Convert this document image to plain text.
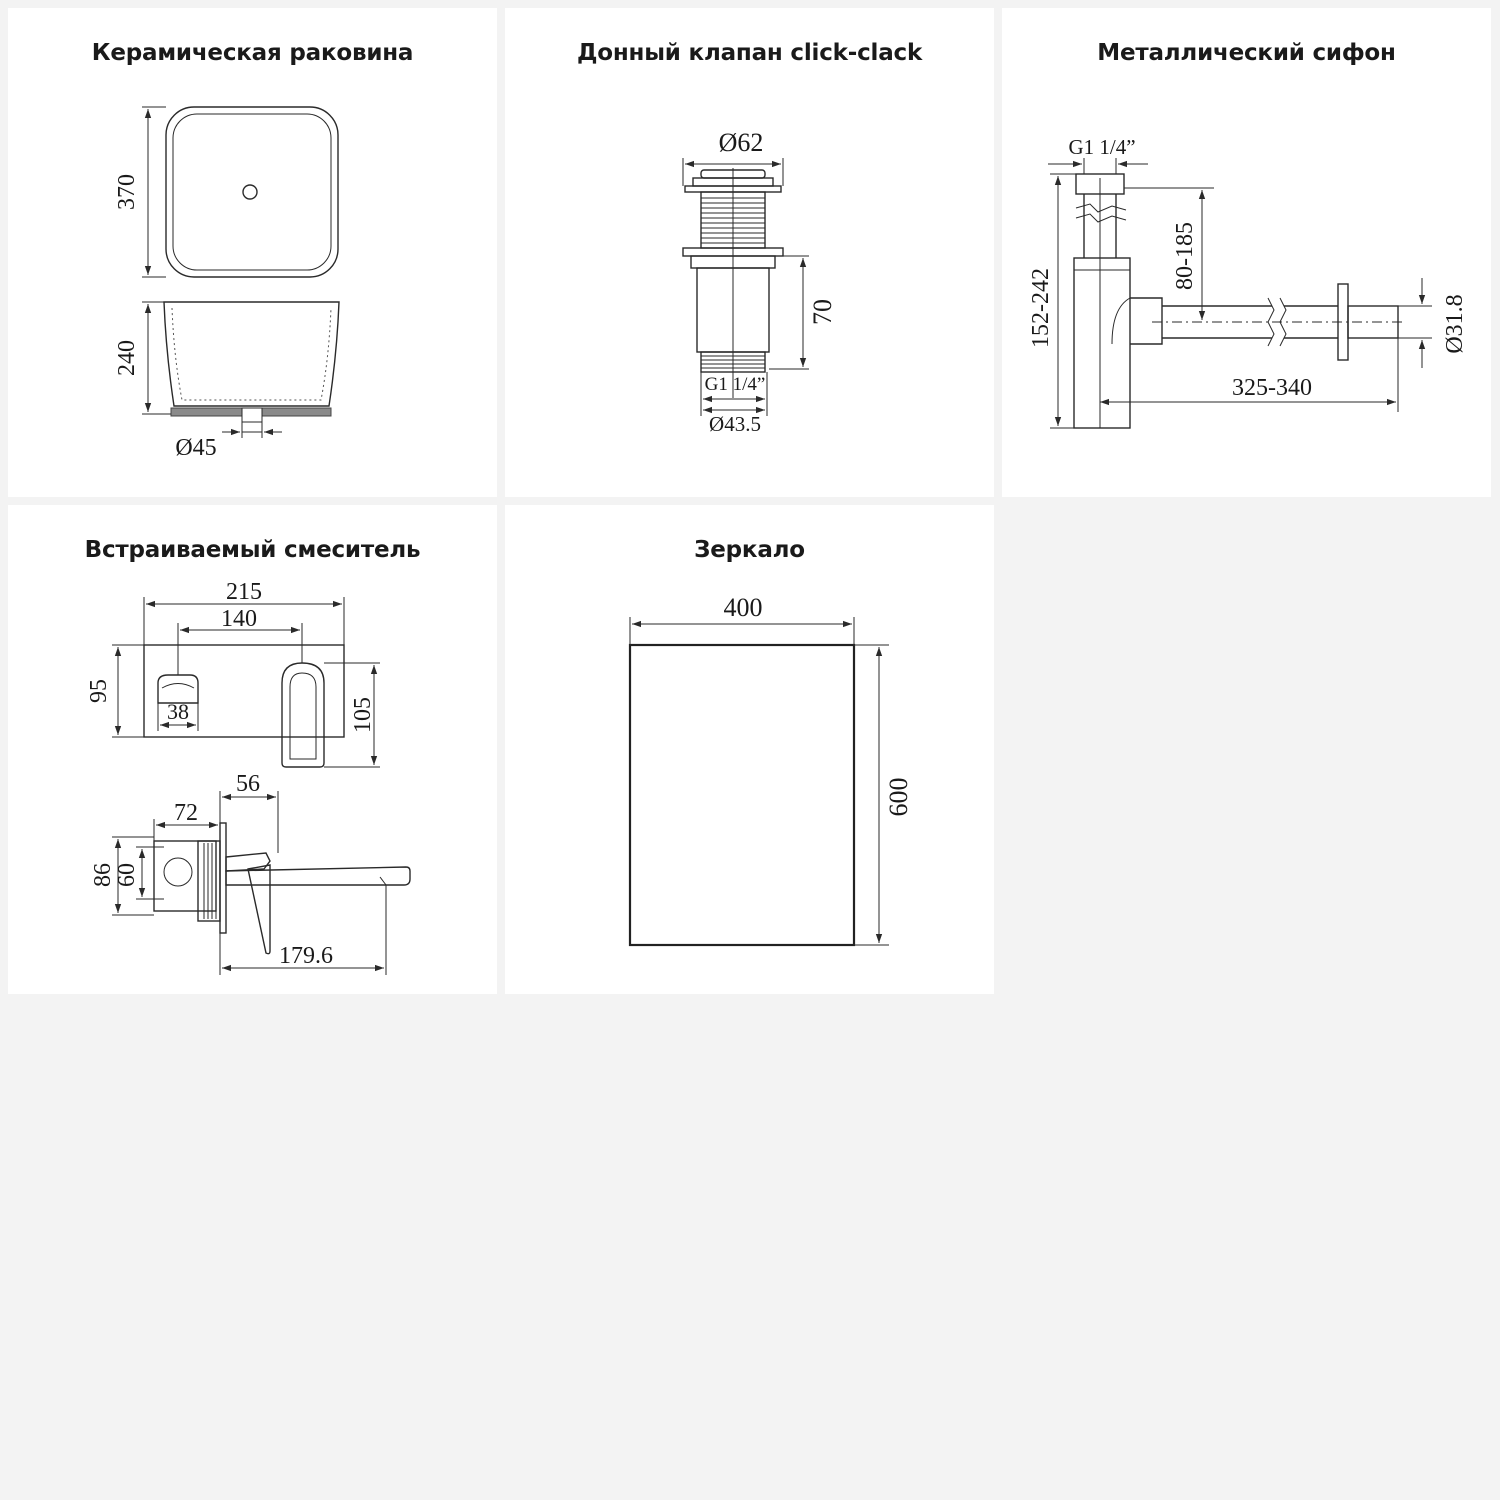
Керамическая раковина
370
240
Ø45
Донный клапан click-clack
Ø62
70
G1 1/4”
Ø43.5
Металлический сифон
G1 1/4”
152-242
80-185
325-340
Ø31.8
Встраиваемый смеситель
215
140
95
38	105
56
72
86
60
179.6
Зеркало
400
600
